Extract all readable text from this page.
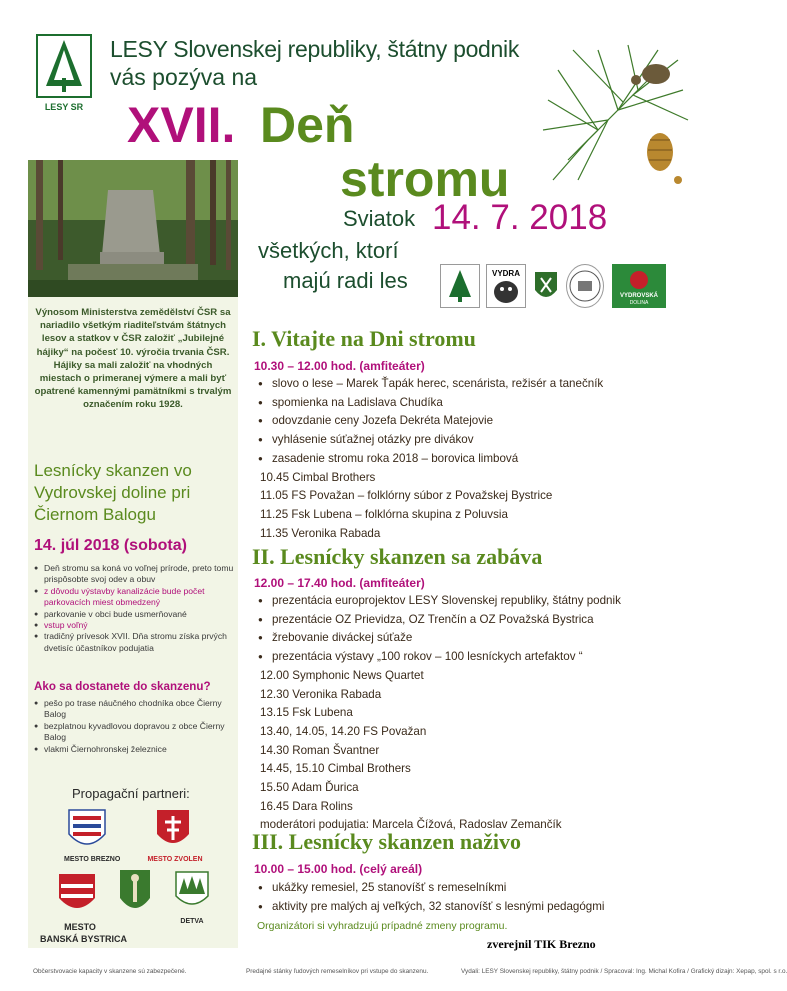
LESY SR
LESY Slovenskej republiky, štátny podnik
vás pozýva na
XVII. Deň
stromu
Sviatok 14. 7. 2018
všetkých, ktorí
majú radi les	VYDRA
VYDROVSKÁ
DOLINA
Výnosom Ministerstva zemědělství ČSR sa nariadilo všetkým riaditeľstvám štátnych lesov a statkov v ČSR založiť „Jubilejné hájiky“ na počesť 10. výročia trvania ČSR. Hájiky sa mali založiť na vhodných miestach o primeranej výmere a mali byť opatrené kamennými pamätníkmi s trvalým označením roku 1928.
Lesnícky skanzen vo Vydrovskej doline pri Čiernom Balogu
14. júl 2018 (sobota)
● Deň stromu sa koná vo voľnej prírode, preto tomu prispôsobte svoj odev a obuv
● z dôvodu výstavby kanalizácie bude počet parkovacích miest obmedzený
● parkovanie v obci bude usmerňované
● vstup voľný
● tradičný prívesok XVII. Dňa stromu získa prvých dvetisíc účastníkov podujatia
Ako sa dostanete do skanzenu?
● pešo po trase náučného chodníka obce Čierny Balog
● bezplatnou kyvadlovou dopravou z obce Čierny Balog
● vlakmi Čiernohronskej železnice
Propagační partneri:
MESTO BREZNO	MESTO ZVOLEN
MESTO
BANSKÁ BYSTRICA
DETVA
I. Vitajte na Dni stromu
10.30 – 12.00 hod. (amfiteáter)
● slovo o lese – Marek Ťapák herec, scenárista, režisér a tanečník
● spomienka na Ladislava Chudíka
● odovzdanie ceny Jozefa Dekréta Matejovie
● vyhlásenie súťažnej otázky pre divákov
● zasadenie stromu roka 2018 – borovica limbová
10.45 Cimbal Brothers
11.05 FS Považan – folklórny súbor z Považskej Bystrice
11.25 Fsk Lubena – folklórna skupina z Poluvsia
11.35 Veronika Rabada
II. Lesnícky skanzen sa zabáva
12.00 – 17.40 hod. (amfiteáter)
● prezentácia europrojektov LESY Slovenskej republiky, štátny podnik
● prezentácie OZ Prievidza, OZ Trenčín a OZ Považská Bystrica
● žrebovanie diváckej súťaže
● prezentácia výstavy „100 rokov – 100 lesníckych artefaktov “
12.00 Symphonic News Quartet
12.30 Veronika Rabada
13.15 Fsk Lubena
13.40, 14.05, 14.20 FS Považan
14.30 Roman Švantner
14.45, 15.10 Cimbal Brothers
15.50 Adam Ďurica
16.45 Dara Rolins
moderátori podujatia: Marcela Čížová, Radoslav Zemančík
III. Lesnícky skanzen naživo
10.00 – 15.00 hod. (celý areál)
● ukážky remesiel, 25 stanovíšť s remeselníkmi
● aktivity pre malých aj veľkých, 32 stanovíšť s lesnými pedagógmi
Organizátori si vyhradzujú prípadné zmeny programu.
zverejnil TIK Brezno
Občerstvovacie kapacity v skanzene sú zabezpečené.	Predajné stánky ľudových remeselníkov pri vstupe do skanzenu.	Vydali: LESY Slovenskej republiky, štátny podnik / Spracoval: Ing. Michal Kofira / Grafický dizajn: Xepap, spol. s r.o.
